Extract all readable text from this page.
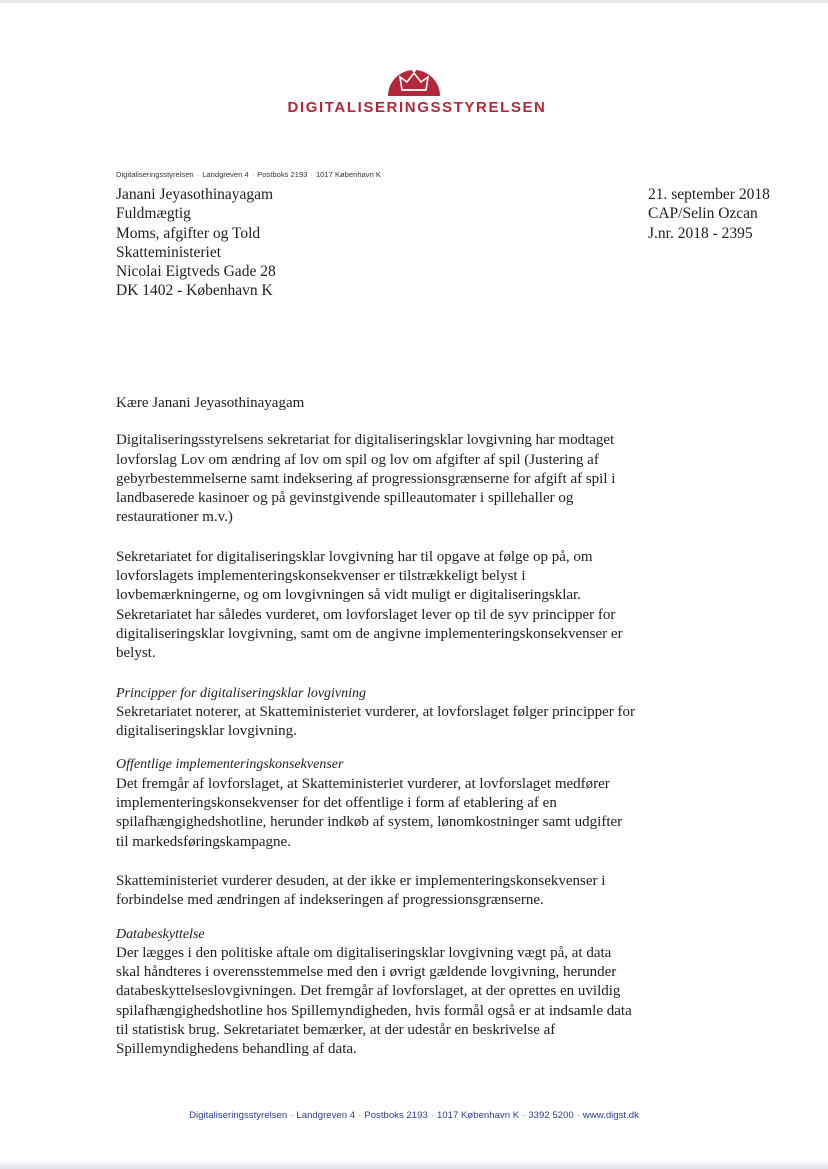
DIGITALISERINGSSTYRELSEN
Digitaliseringsstyrelsen · Landgreven 4 · Postboks 2193 · 1017 København K
Janani Jeyasothinayagam
Fuldmægtig
Moms, afgifter og Told
Skatteministeriet
Nicolai Eigtveds Gade 28
DK 1402 - København K
21. september 2018
CAP/Selin Ozcan
J.nr. 2018 - 2395

Kære Janani Jeyasothinayagam

Digitaliseringsstyrelsens sekretariat for digitaliseringsklar lovgivning har modtaget lovforslag Lov om ændring af lov om spil og lov om afgifter af spil (Justering af gebyrbestemmelserne samt indeksering af progressionsgrænserne for afgift af spil i landbaserede kasinoer og på gevinstgivende spilleautomater i spillehaller og restaurationer m.v.)

Sekretariatet for digitaliseringsklar lovgivning har til opgave at følge op på, om lovforslagets implementeringskonsekvenser er tilstrækkeligt belyst i lovbemærkningerne, og om lovgivningen så vidt muligt er digitaliseringsklar. Sekretariatet har således vurderet, om lovforslaget lever op til de syv principper for digitaliseringsklar lovgivning, samt om de angivne implementeringskonsekvenser er belyst.

Principper for digitaliseringsklar lovgivning

Sekretariatet noterer, at Skatteministeriet vurderer, at lovforslaget følger principper for digitaliseringsklar lovgivning.

Offentlige implementeringskonsekvenser

Det fremgår af lovforslaget, at Skatteministeriet vurderer, at lovforslaget medfører implementeringskonsekvenser for det offentlige i form af etablering af en spilafhængighedshotline, herunder indkøb af system, lønomkostninger samt udgifter til markedsføringskampagne.

Skatteministeriet vurderer desuden, at der ikke er implementeringskonsekvenser i forbindelse med ændringen af indekseringen af progressionsgrænserne.

Databeskyttelse

Der lægges i den politiske aftale om digitaliseringsklar lovgivning vægt på, at data skal håndteres i overensstemmelse med den i øvrigt gældende lovgivning, herunder databeskyttelseslovgivningen. Det fremgår af lovforslaget, at der oprettes en uvildig spilafhængighedshotline hos Spillemyndigheden, hvis formål også er at indsamle data til statistisk brug. Sekretariatet bemærker, at der udestår en beskrivelse af Spillemyndighedens behandling af data.

Digitaliseringsstyrelsen · Landgreven 4 · Postboks 2193 · 1017 København K · 3392 5200 · www.digst.dk
